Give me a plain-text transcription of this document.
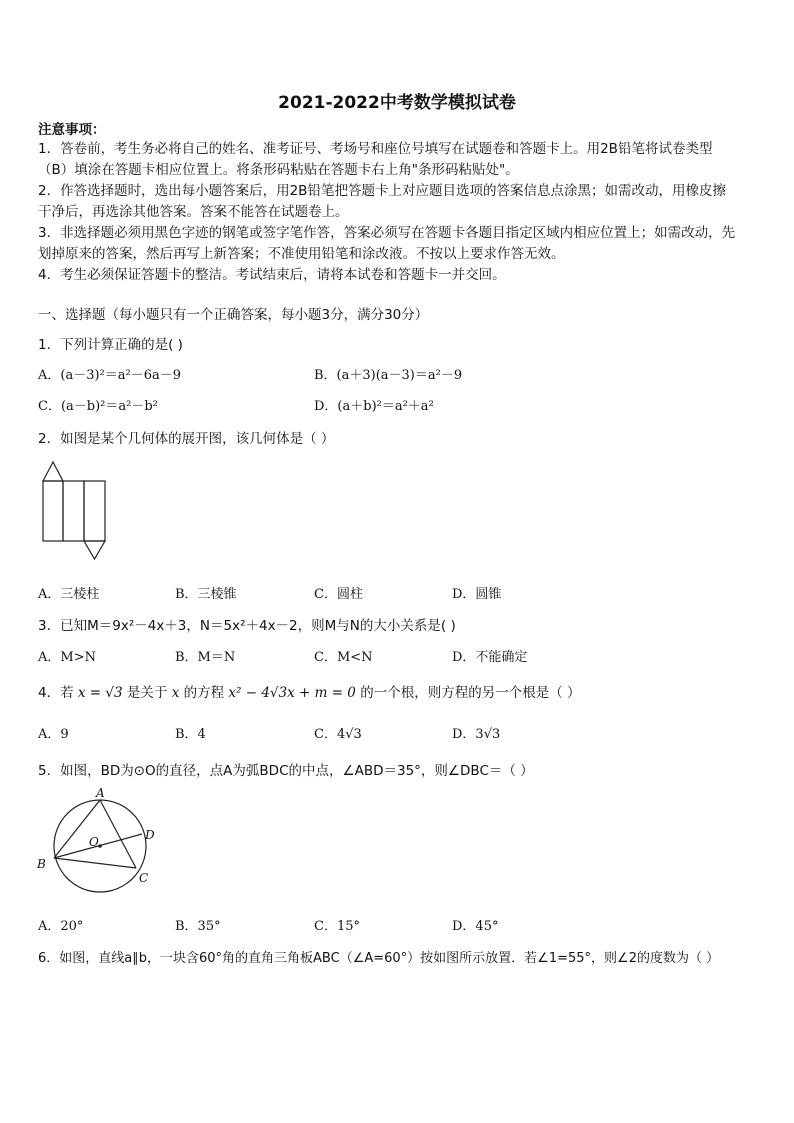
2021-2022中考数学模拟试卷
注意事项：
1．答卷前，考生务必将自己的姓名、准考证号、考场号和座位号填写在试题卷和答题卡上。用2B铅笔将试卷类型
（B）填涂在答题卡相应位置上。将条形码粘贴在答题卡右上角"条形码粘贴处"。
2．作答选择题时，选出每小题答案后，用2B铅笔把答题卡上对应题目选项的答案信息点涂黑；如需改动，用橡皮擦
干净后，再选涂其他答案。答案不能答在试题卷上。
3．非选择题必须用黑色字迹的钢笔或签字笔作答，答案必须写在答题卡各题目指定区域内相应位置上；如需改动，先
划掉原来的答案，然后再写上新答案；不准使用铅笔和涂改液。不按以上要求作答无效。
4．考生必须保证答题卡的整洁。考试结束后，请将本试卷和答题卡一并交回。
一、选择题（每小题只有一个正确答案，每小题3分，满分30分）
1．下列计算正确的是( )
A．(a－3)²＝a²－6a－9	B．(a＋3)(a－3)＝a²－9
C．(a－b)²＝a²－b²	D．(a＋b)²＝a²＋a²
2．如图是某个几何体的展开图，该几何体是（ ）
A．三棱柱	B．三棱锥	C．圆柱	D．圆锥
3．已知M＝9x²－4x＋3，N＝5x²＋4x－2，则M与N的大小关系是( )
A．M>N	B．M＝N	C．M<N	D．不能确定
4．若 x = √3 是关于 x 的方程 x² − 4√3x + m = 0 的一个根，则方程的另一个根是（ ）
A．9	B．4	C．4√3	D．3√3
5．如图，BD为⊙O的直径，点A为弧BDC的中点，∠ABD＝35°，则∠DBC＝（ ）
A
B
C
D
O
A．20°	B．35°	C．15°	D．45°
6．如图，直线a∥b，一块含60°角的直角三角板ABC（∠A=60°）按如图所示放置．若∠1=55°，则∠2的度数为（ ）
